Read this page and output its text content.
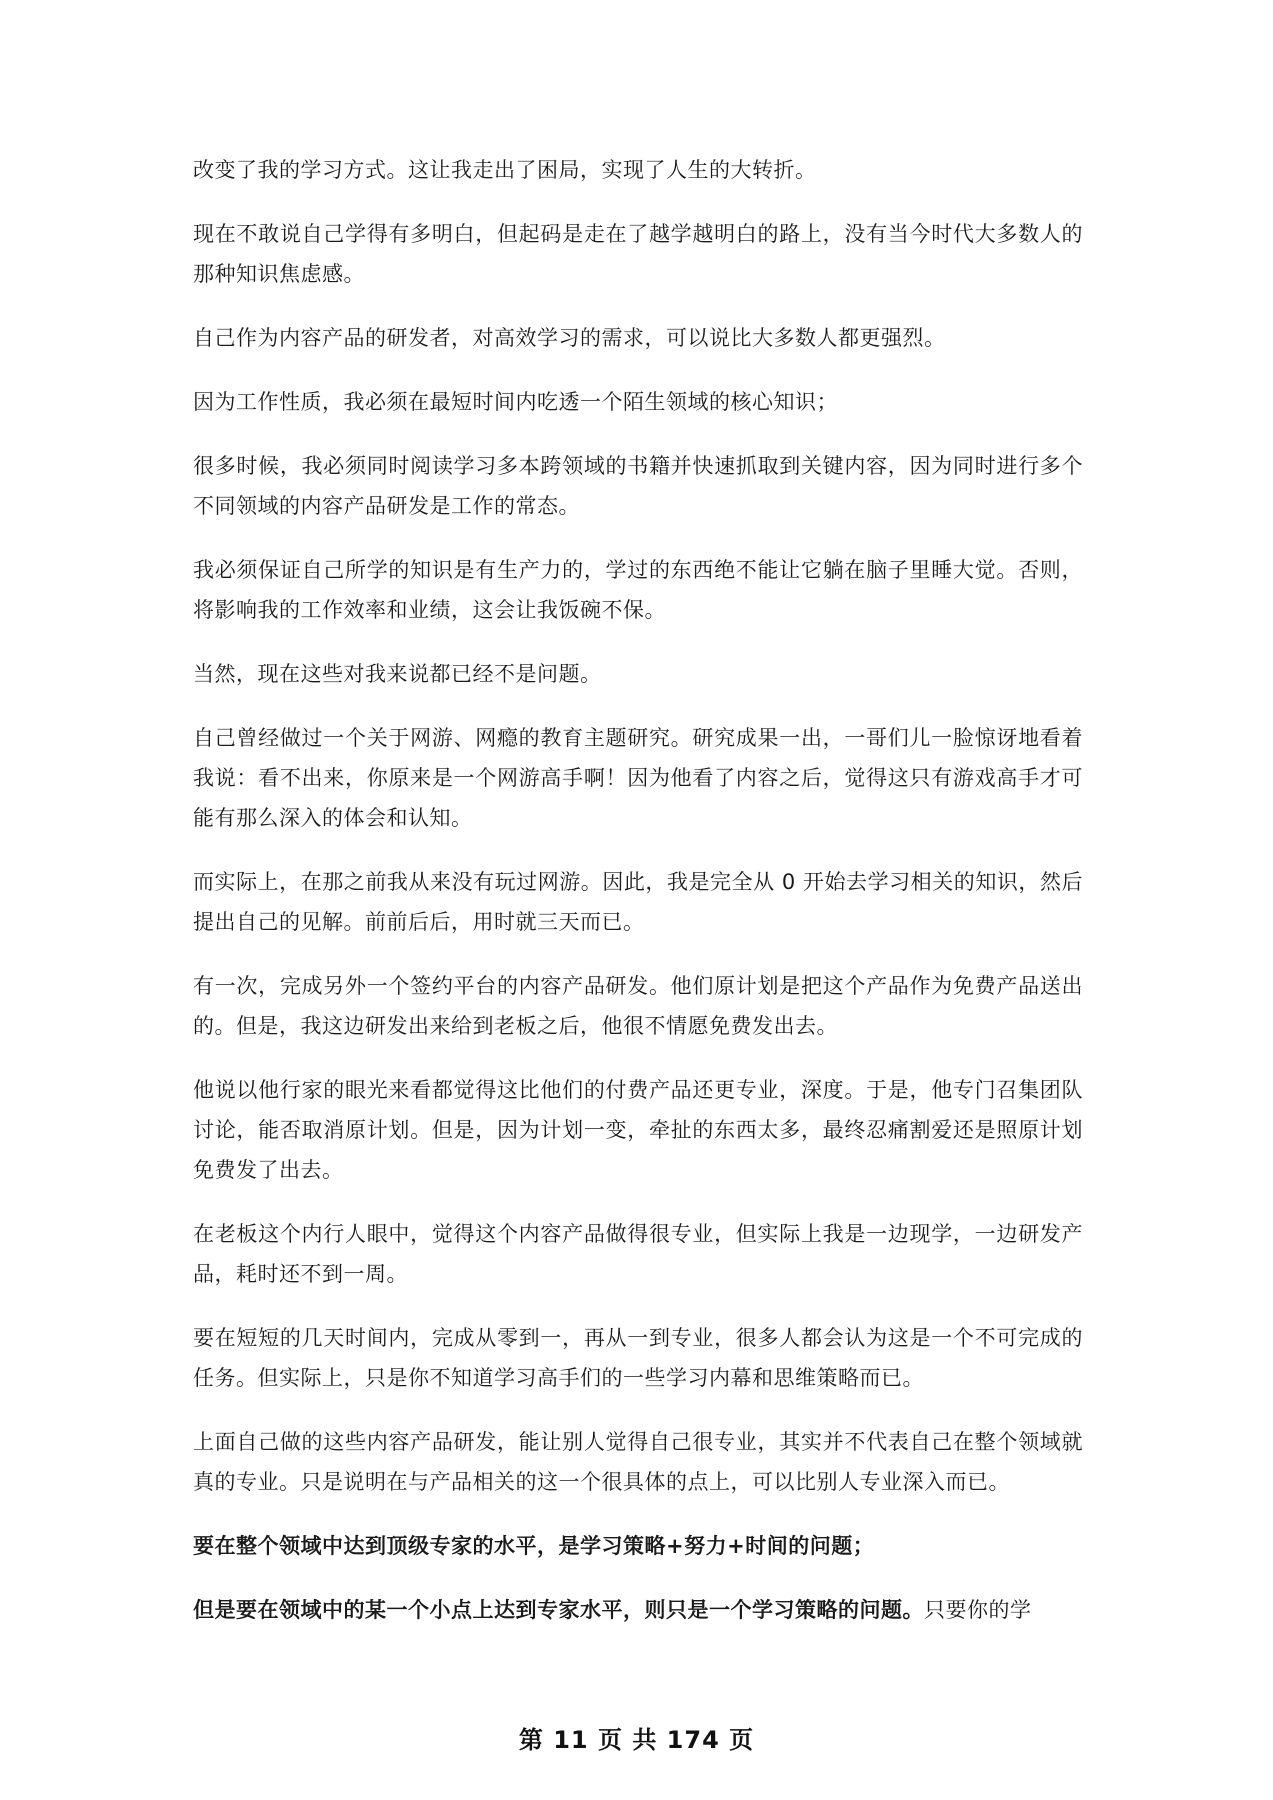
改变了我的学习方式。这让我走出了困局，实现了人生的大转折。

现在不敢说自己学得有多明白，但起码是走在了越学越明白的路上，没有当今时代大多数人的那种知识焦虑感。

自己作为内容产品的研发者，对高效学习的需求，可以说比大多数人都更强烈。

因为工作性质，我必须在最短时间内吃透一个陌生领域的核心知识；

很多时候，我必须同时阅读学习多本跨领域的书籍并快速抓取到关键内容，因为同时进行多个不同领域的内容产品研发是工作的常态。

我必须保证自己所学的知识是有生产力的，学过的东西绝不能让它躺在脑子里睡大觉。否则，将影响我的工作效率和业绩，这会让我饭碗不保。

当然，现在这些对我来说都已经不是问题。

自己曾经做过一个关于网游、网瘾的教育主题研究。研究成果一出，一哥们儿一脸惊讶地看着我说：看不出来，你原来是一个网游高手啊！因为他看了内容之后，觉得这只有游戏高手才可能有那么深入的体会和认知。

而实际上，在那之前我从来没有玩过网游。因此，我是完全从 0 开始去学习相关的知识，然后提出自己的见解。前前后后，用时就三天而已。

有一次，完成另外一个签约平台的内容产品研发。他们原计划是把这个产品作为免费产品送出的。但是，我这边研发出来给到老板之后，他很不情愿免费发出去。

他说以他行家的眼光来看都觉得这比他们的付费产品还更专业，深度。于是，他专门召集团队讨论，能否取消原计划。但是，因为计划一变，牵扯的东西太多，最终忍痛割爱还是照原计划免费发了出去。

在老板这个内行人眼中，觉得这个内容产品做得很专业，但实际上我是一边现学，一边研发产品，耗时还不到一周。

要在短短的几天时间内，完成从零到一，再从一到专业，很多人都会认为这是一个不可完成的任务。但实际上，只是你不知道学习高手们的一些学习内幕和思维策略而已。

上面自己做的这些内容产品研发，能让别人觉得自己很专业，其实并不代表自己在整个领域就真的专业。只是说明在与产品相关的这一个很具体的点上，可以比别人专业深入而已。

要在整个领域中达到顶级专家的水平，是学习策略+努力+时间的问题；

但是要在领域中的某一个小点上达到专家水平，则只是一个学习策略的问题。只要你的学

第 11 页 共 174 页
